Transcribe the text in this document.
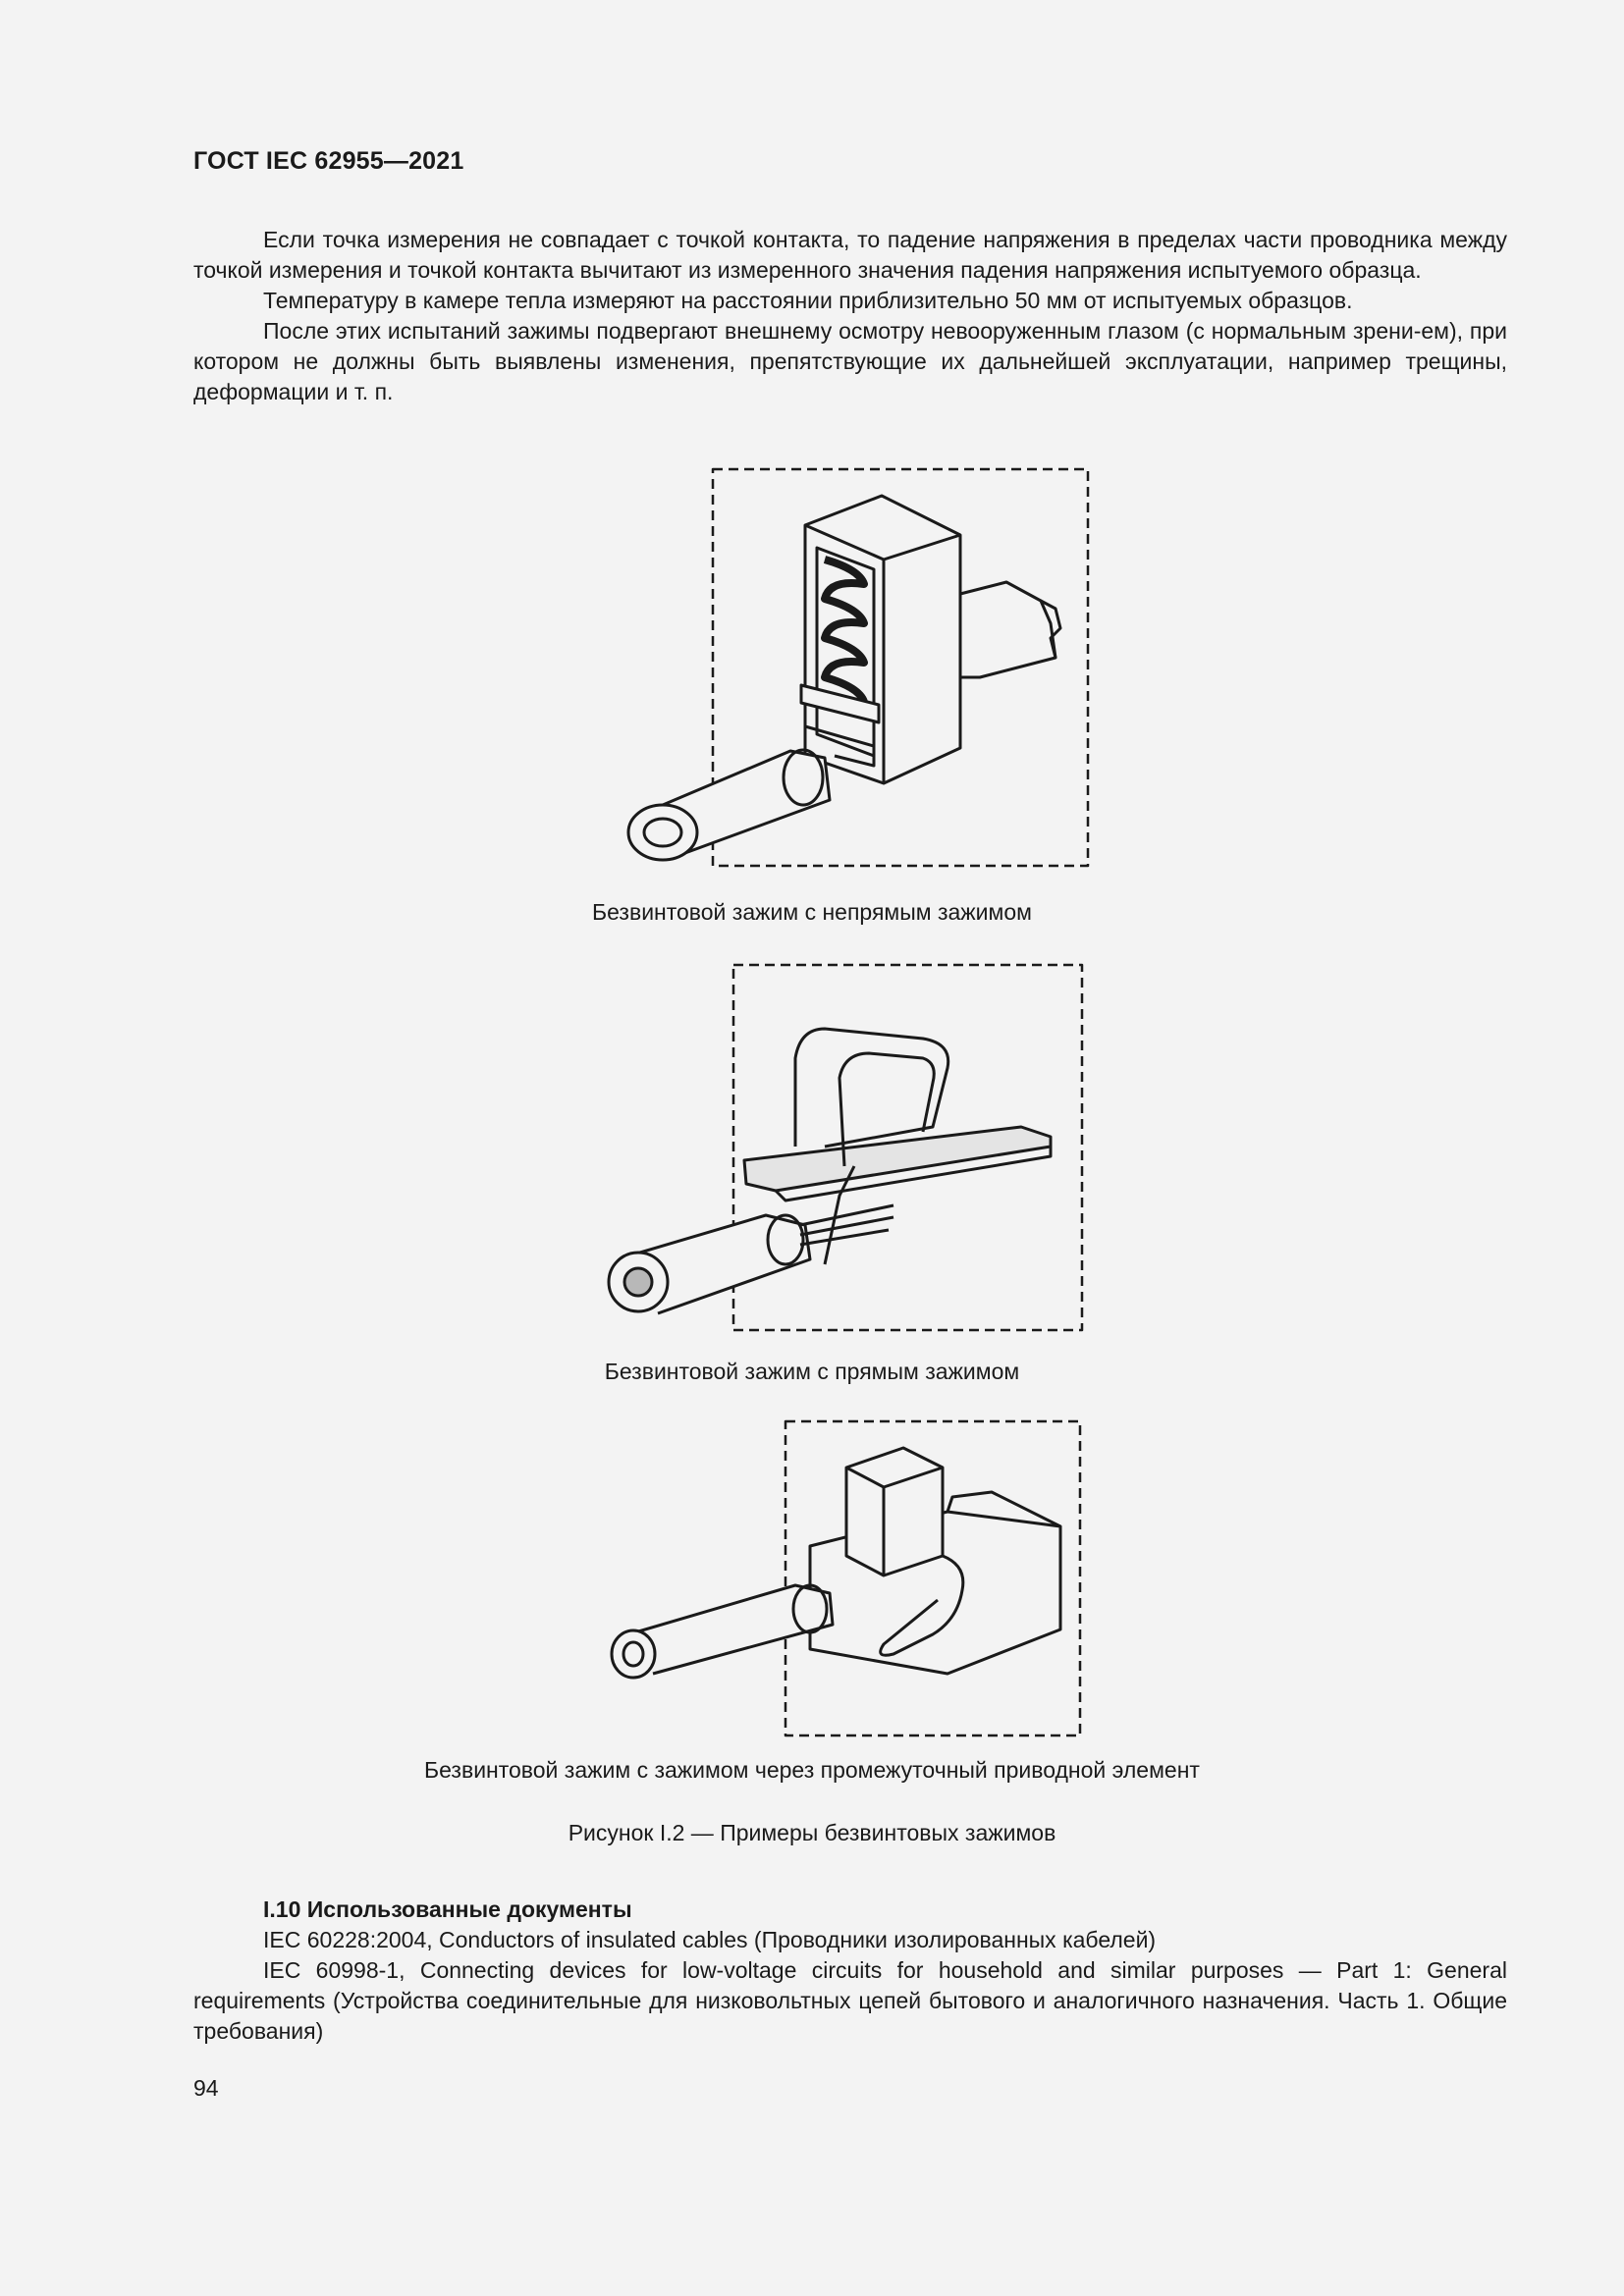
ГОСТ IEC 62955—2021

Если точка измерения не совпадает с точкой контакта, то падение напряжения в пределах части проводника между точкой измерения и точкой контакта вычитают из измеренного значения падения напряжения испытуемого образца.

Температуру в камере тепла измеряют на расстоянии приблизительно 50 мм от испытуемых образцов.

После этих испытаний зажимы подвергают внешнему осмотру невооруженным глазом (с нормальным зрени-ем), при котором не должны быть выявлены изменения, препятствующие их дальнейшей эксплуатации, например трещины, деформации и т. п.

Безвинтовой зажим с непрямым зажимом
Безвинтовой зажим с прямым зажимом
Безвинтовой зажим с зажимом через промежуточный приводной элемент
Рисунок I.2 — Примеры безвинтовых зажимов

I.10 Использованные документы

IEC 60228:2004, Conductors of insulated cables (Проводники изолированных кабелей)

IEC 60998-1, Connecting devices for low-voltage circuits for household and similar purposes — Part 1: General requirements (Устройства соединительные для низковольтных цепей бытового и аналогичного назначения. Часть 1. Общие требования)

94
